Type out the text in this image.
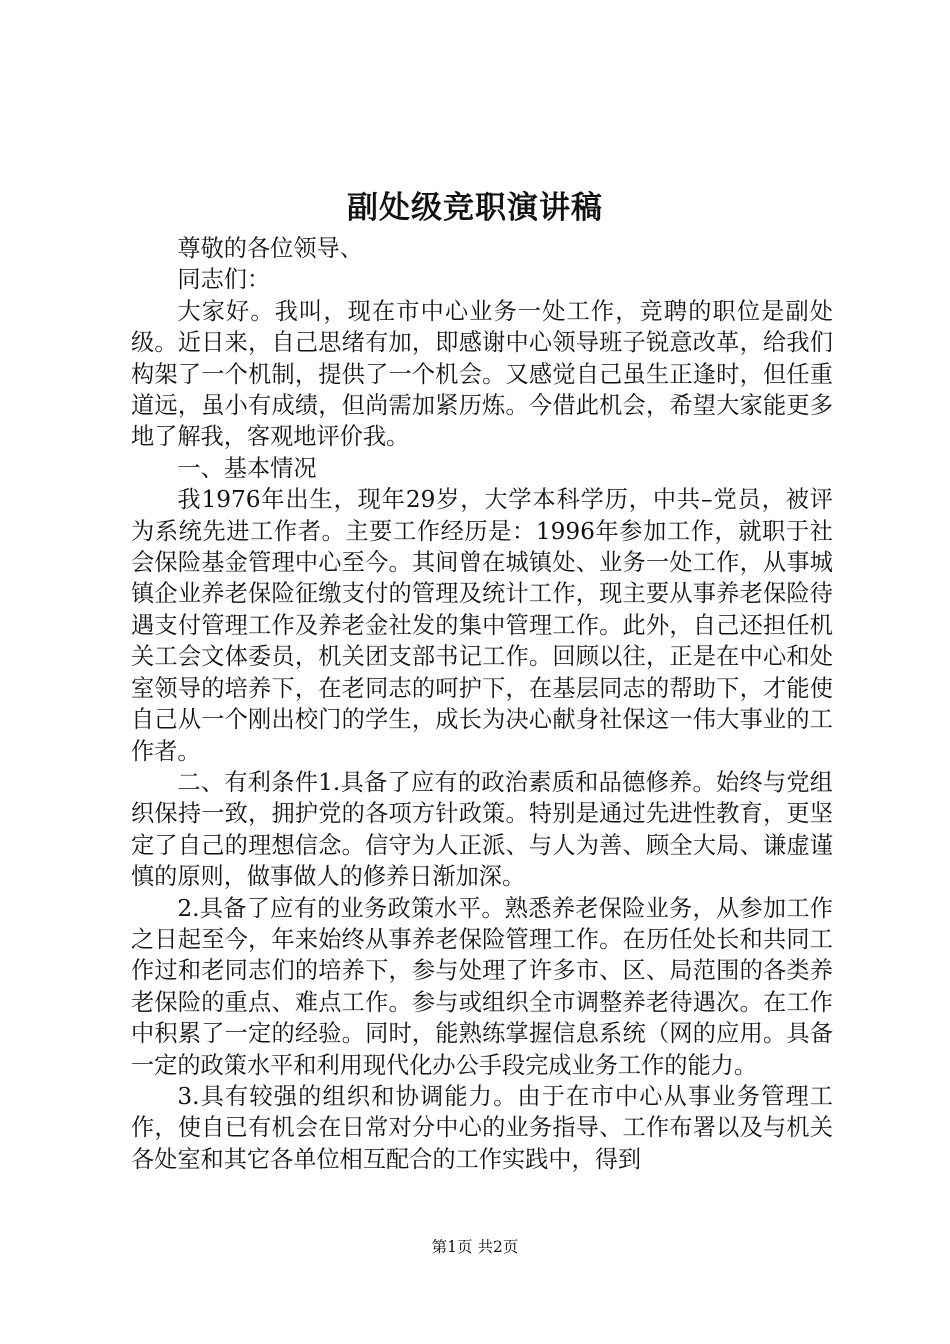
副处级竞职演讲稿

尊敬的各位领导、

同志们：

大家好。我叫，现在市中心业务一处工作，竞聘的职位是副处级。近日来，自己思绪有加，即感谢中心领导班子锐意改革，给我们构架了一个机制，提供了一个机会。又感觉自己虽生正逢时，但任重道远，虽小有成绩，但尚需加紧历炼。今借此机会，希望大家能更多地了解我，客观地评价我。

一、基本情况

我1976年出生，现年29岁，大学本科学历，中共–党员，被评为系统先进工作者。主要工作经历是：1996年参加工作，就职于社会保险基金管理中心至今。其间曾在城镇处、业务一处工作，从事城镇企业养老保险征缴支付的管理及统计工作，现主要从事养老保险待遇支付管理工作及养老金社发的集中管理工作。此外，自己还担任机关工会文体委员，机关团支部书记工作。回顾以往，正是在中心和处室领导的培养下，在老同志的呵护下，在基层同志的帮助下，才能使自己从一个刚出校门的学生，成长为决心献身社保这一伟大事业的工作者。

二、有利条件1.具备了应有的政治素质和品德修养。始终与党组织保持一致，拥护党的各项方针政策。特别是通过先进性教育，更坚定了自己的理想信念。信守为人正派、与人为善、顾全大局、谦虚谨慎的原则，做事做人的修养日渐加深。

2.具备了应有的业务政策水平。熟悉养老保险业务，从参加工作之日起至今，年来始终从事养老保险管理工作。在历任处长和共同工作过和老同志们的培养下，参与处理了许多市、区、局范围的各类养老保险的重点、难点工作。参与或组织全市调整养老待遇次。在工作中积累了一定的经验。同时，能熟练掌握信息系统（网的应用。具备一定的政策水平和利用现代化办公手段完成业务工作的能力。

3.具有较强的组织和协调能力。由于在市中心从事业务管理工作，使自已有机会在日常对分中心的业务指导、工作布署以及与机关各处室和其它各单位相互配合的工作实践中，得到

第1页 共2页
